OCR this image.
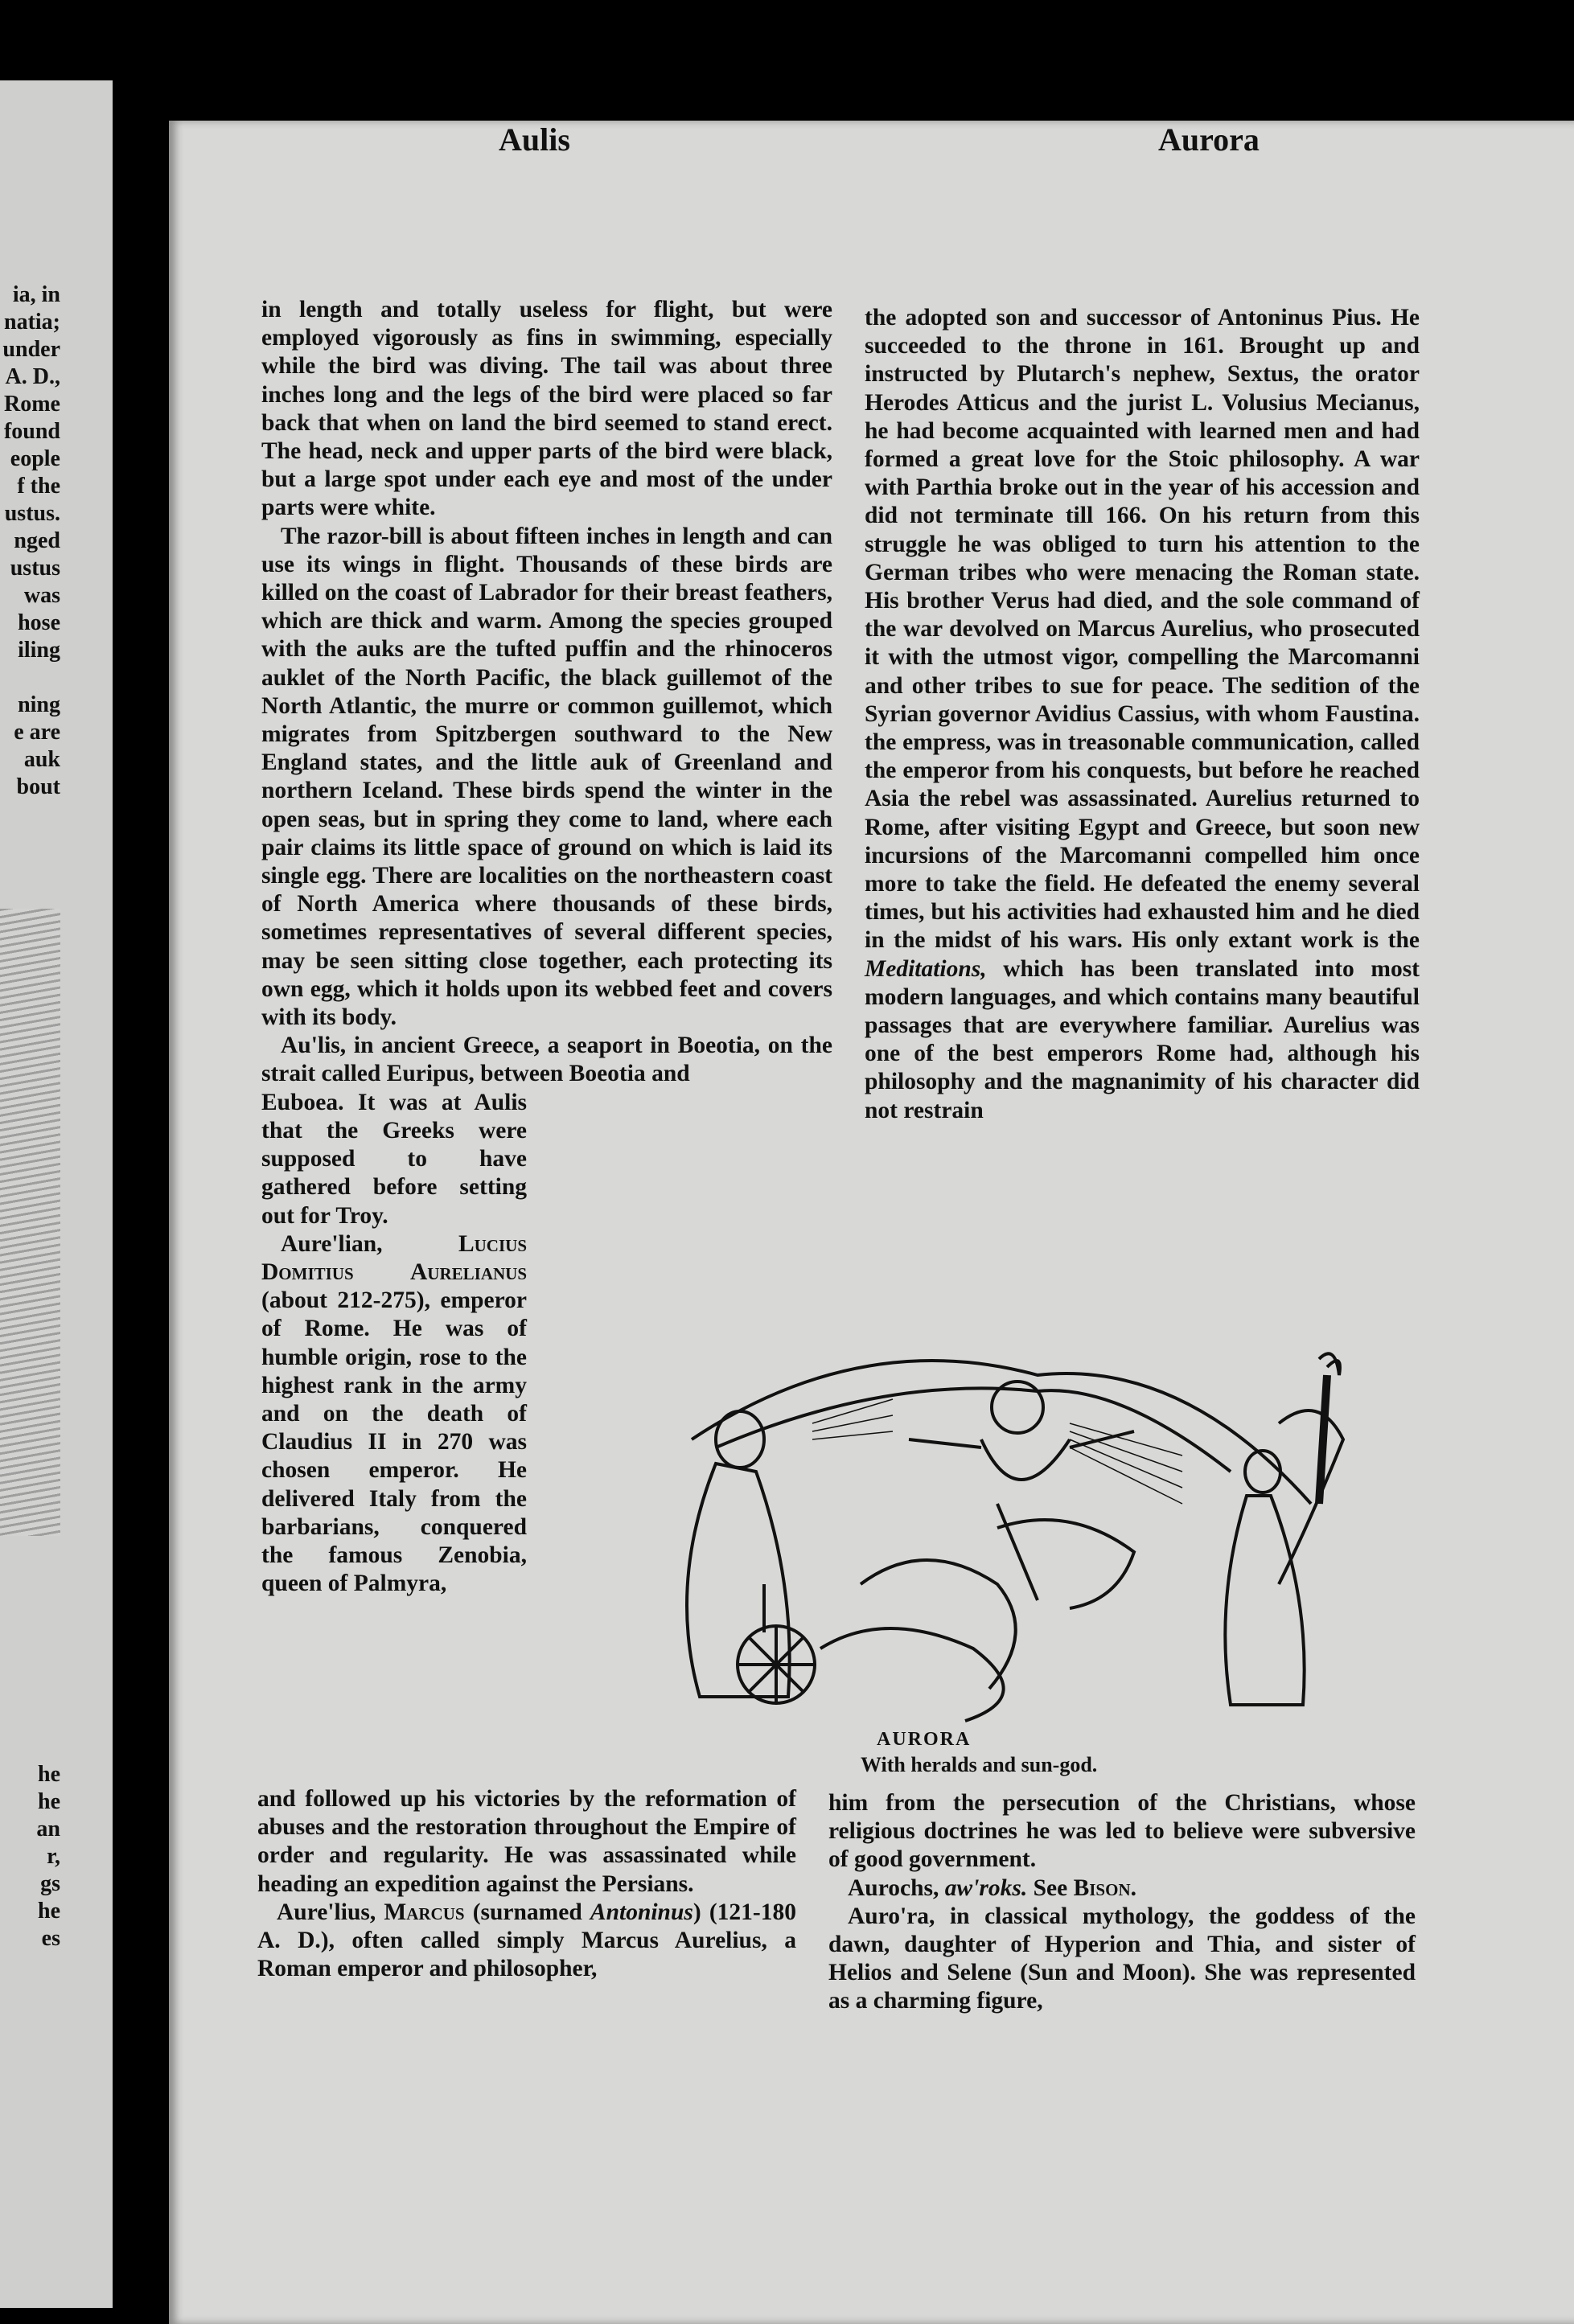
ia, in
natia;
under
A. D.,
Rome
found
eople
f the
ustus.
nged
ustus
was
hose
iling
ning
e are
auk
bout
he
he
an
r,
gs
he
es
Aulis	Aurora

in length and totally useless for flight, but were employed vigorously as fins in swimming, especially while the bird was diving. The tail was about three inches long and the legs of the bird were placed so far back that when on land the bird seemed to stand erect. The head, neck and upper parts of the bird were black, but a large spot under each eye and most of the under parts were white.

The razor-bill is about fifteen inches in length and can use its wings in flight. Thousands of these birds are killed on the coast of Labrador for their breast feathers, which are thick and warm. Among the species grouped with the auks are the tufted puffin and the rhinoceros auklet of the North Pacific, the black guillemot of the North Atlantic, the murre or common guillemot, which migrates from Spitzbergen southward to the New England states, and the little auk of Greenland and northern Iceland. These birds spend the winter in the open seas, but in spring they come to land, where each pair claims its little space of ground on which is laid its single egg. There are localities on the northeastern coast of North America where thousands of these birds, sometimes representatives of several different species, may be seen sitting close together, each protecting its own egg, which it holds upon its webbed feet and covers with its body.

Au'lis, in ancient Greece, a seaport in Boeotia, on the strait called Euripus, between Boeotia and

Euboea. It was at Aulis that the Greeks were supposed to have gathered before setting out for Troy.

Aure'lian,	Lucius Domitius Aurelianus (about 212-275), emperor of Rome. He was of humble origin, rose to the highest rank in the army and on the death of Claudius II in 270 was chosen emperor. He delivered Italy from the barbarians, conquered the famous Zenobia, queen of Palmyra,

and followed up his victories by the reformation of abuses and the restoration throughout the Empire of order and regularity. He was assassinated while heading an expedition against the Persians.

Aure'lius, Marcus (surnamed Antoninus) (121-180 A. D.), often called simply Marcus Aurelius, a Roman emperor and philosopher,

the adopted son and successor of Antoninus Pius. He succeeded to the throne in 161. Brought up and instructed by Plutarch's nephew, Sextus, the orator Herodes Atticus and the jurist L. Volusius Mecianus, he had become acquainted with learned men and had formed a great love for the Stoic philosophy. A war with Parthia broke out in the year of his accession and did not terminate till 166. On his return from this struggle he was obliged to turn his attention to the German tribes who were menacing the Roman state. His brother Verus had died, and the sole command of the war devolved on Marcus Aurelius, who prosecuted it with the utmost vigor, compelling the Marcomanni and other tribes to sue for peace. The sedition of the Syrian governor Avidius Cassius, with whom Faustina. the empress, was in treasonable communication, called the emperor from his conquests, but before he reached Asia the rebel was assassinated. Aurelius returned to Rome, after visiting Egypt and Greece, but soon new incursions of the Marcomanni compelled him once more to take the field. He defeated the enemy several times, but his activities had exhausted him and he died in the midst of his wars. His only extant work is the Meditations, which has been translated into most modern languages, and which contains many beautiful passages that are everywhere familiar. Aurelius was one of the best emperors Rome had, although his philosophy and the magnanimity of his character did not restrain

AURORA
With heralds and sun-god.

him from the persecution of the Christians, whose religious doctrines he was led to believe were subversive of good government.

Aurochs, aw'roks. See Bison.

Auro'ra, in classical mythology, the goddess of the dawn, daughter of Hyperion and Thia, and sister of Helios and Selene (Sun and Moon). She was represented as a charming figure,
